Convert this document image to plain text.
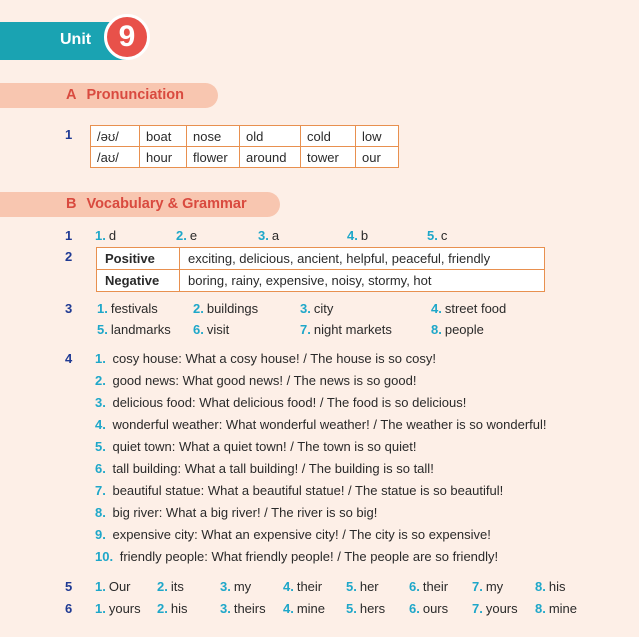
Unit 9
A Pronunciation
1 /əʊ/	boat	nose	old	cold	low
/aʊ/	hour	flower	around	tower	our
B Vocabulary & Grammar
1 1. d	2. e	3. a	4. b	5. c
2	Positive	exciting, delicious, ancient, helpful, peaceful, friendly
Negative	boring, rainy, expensive, noisy, stormy, hot
3 1. festivals	2. buildings	3. city	4. street food
5. landmarks 6. visit	7. night markets	8. people
4 1. cosy house: What a cosy house! / The house is so cosy!
2. good news: What good news! / The news is so good!
3. delicious food: What delicious food! / The food is so delicious!
4. wonderful weather: What wonderful weather! / The weather is so wonderful!
5. quiet town: What a quiet town! / The town is so quiet!
6. tall building: What a tall building! / The building is so tall!
7. beautiful statue: What a beautiful statue! / The statue is so beautiful!
8. big river: What a big river! / The river is so big!
9. expensive city: What an expensive city! / The city is so expensive!
10. friendly people: What friendly people! / The people are so friendly!
5 1. Our 2. its	3. my 4. their 5. her 6. their 7. my 8. his
6 1. yours 2. his	3. theirs 4. mine 5. hers 6. ours 7. yours 8. mine
